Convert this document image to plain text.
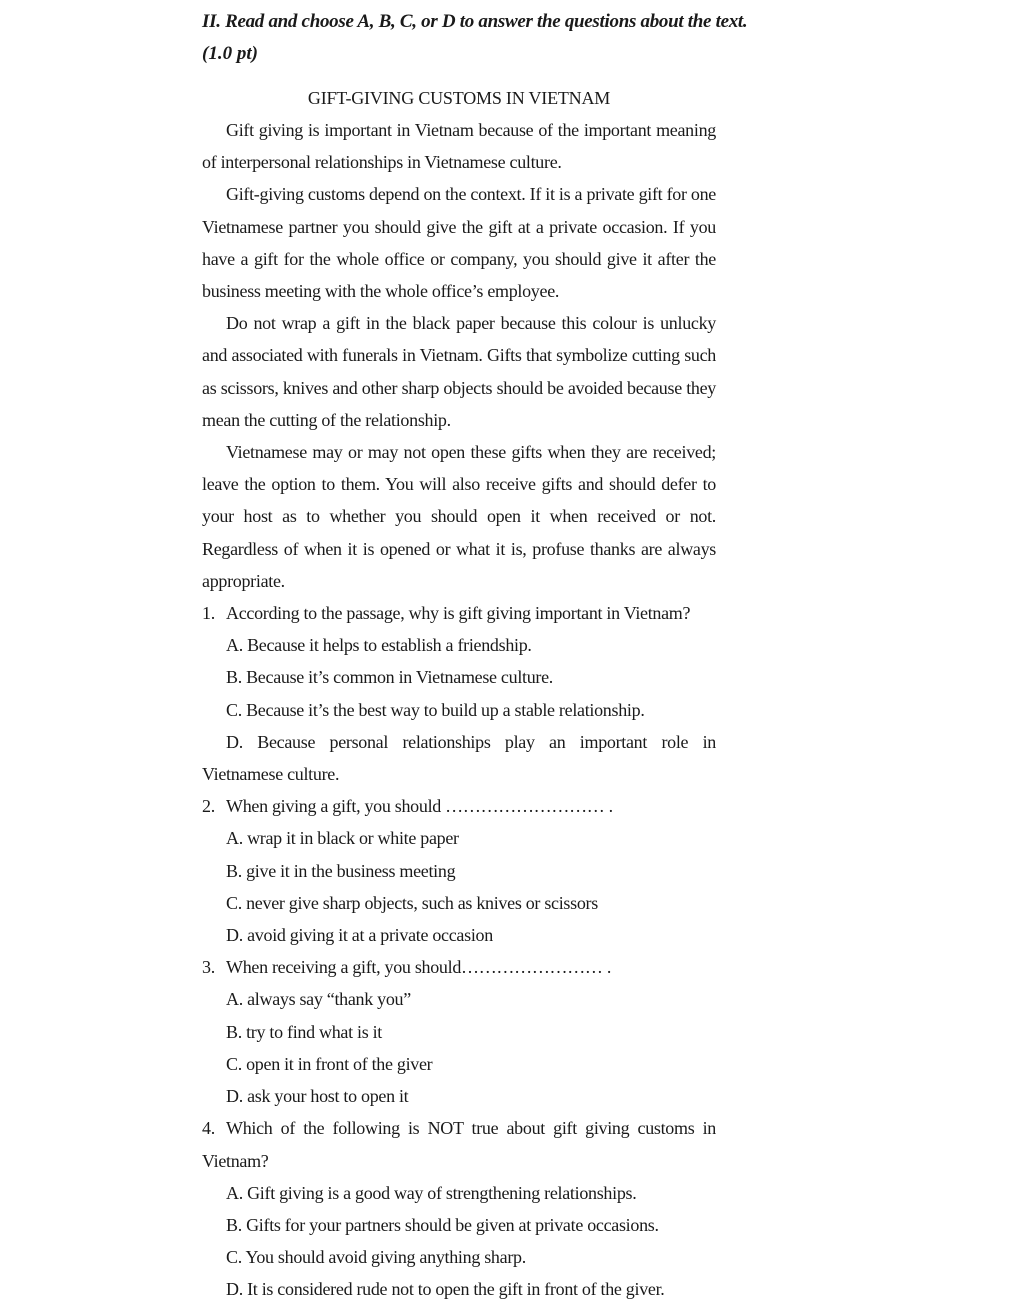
II. Read and choose A, B, C, or D to answer the questions about the text.

(1.0 pt)

GIFT-GIVING CUSTOMS IN VIETNAM

Gift giving is important in Vietnam because of the important meaning of interpersonal relationships in Vietnamese culture.

Gift-giving customs depend on the context. If it is a private gift for one Vietnamese partner you should give the gift at a private occasion. If you have a gift for the whole office or company, you should give it after the business meeting with the whole office’s employee.

Do not wrap a gift in the black paper because this colour is unlucky and associated with funerals in Vietnam. Gifts that symbolize cutting such as scissors, knives and other sharp objects should be avoided because they mean the cutting of the relationship.

Vietnamese may or may not open these gifts when they are received; leave the option to them. You will also receive gifts and should defer to your host as to whether you should open it when received or not. Regardless of when it is opened or what it is, profuse thanks are always appropriate.

1. According to the passage, why is gift giving important in Vietnam?

A. Because it helps to establish a friendship.

B. Because it’s common in Vietnamese culture.

C. Because it’s the best way to build up a stable relationship.

D. Because personal relationships play an important role in Vietnamese culture.

2. When giving a gift, you should ……………………… .

A. wrap it in black or white paper

B. give it in the business meeting

C. never give sharp objects, such as knives or scissors

D. avoid giving it at a private occasion

3. When receiving a gift, you should…………………… .

A. always say “thank you”

B. try to find what is it

C. open it in front of the giver

D. ask your host to open it

4. Which of the following is NOT true about gift giving customs in Vietnam?

A. Gift giving is a good way of strengthening relationships.

B. Gifts for your partners should be given at private occasions.

C. You should avoid giving anything sharp.

D. It is considered rude not to open the gift in front of the giver.
